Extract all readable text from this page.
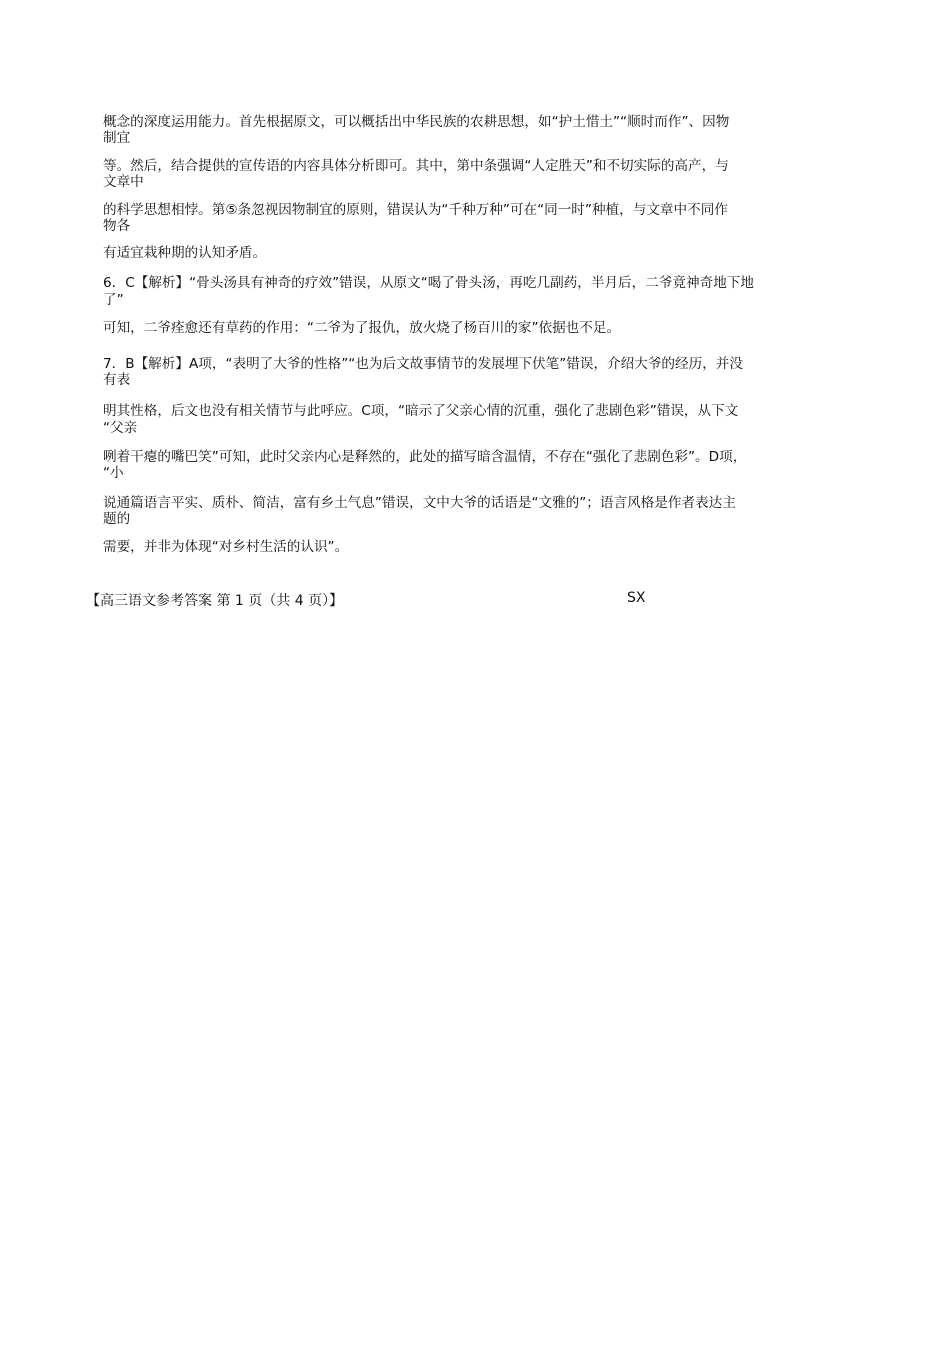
概念的深度运用能力。首先根据原文，可以概括出中华民族的农耕思想，如“护土惜土”“顺时而作”、因物
制宜
等。然后，结合提供的宣传语的内容具体分析即可。其中，第中条强调“人定胜天”和不切实际的高产，与
文章中
的科学思想相悖。第⑤条忽视因物制宜的原则，错误认为“千种万种”可在“同一时”种植，与文章中不同作
物各
有适宜栽种期的认知矛盾。
6．C【解析】“骨头汤具有神奇的疗效”错误，从原文“喝了骨头汤，再吃几副药，半月后，二爷竟神奇地下地
了”
可知，二爷痊愈还有草药的作用：“二爷为了报仇，放火烧了杨百川的家”依据也不足。
7．B【解析】A项，“表明了大爷的性格”“也为后文故事情节的发展埋下伏笔”错误，介绍大爷的经历，并没
有表
明其性格，后文也没有相关情节与此呼应。C项，“暗示了父亲心情的沉重，强化了悲剧色彩”错误，从下文
“父亲
咧着干瘪的嘴巴笑”可知，此时父亲内心是释然的，此处的描写暗含温情，不存在“强化了悲剧色彩”。D项，
“小
说通篇语言平实、质朴、简洁，富有乡土气息”错误，文中大爷的话语是“文雅的”；语言风格是作者表达主
题的
需要，并非为体现“对乡村生活的认识”。
【高三语文参考答案 第 1 页（共 4 页）】	SX
